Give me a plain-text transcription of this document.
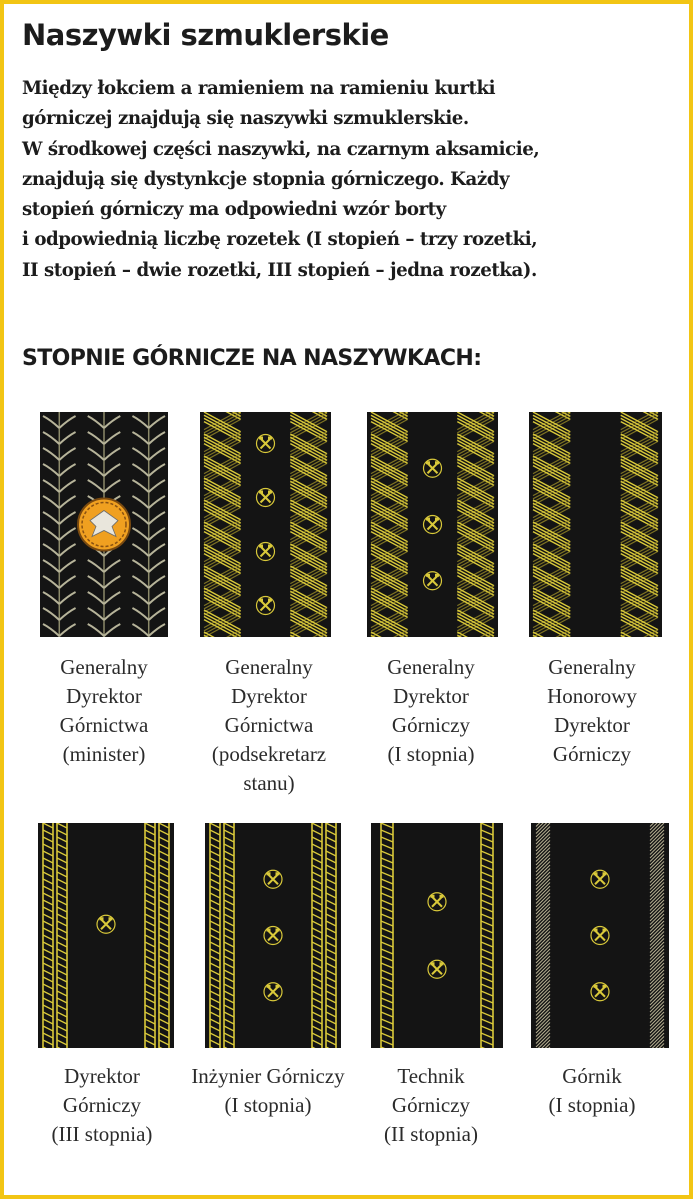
Naszywki szmuklerskie

Między łokciem a ramieniem na ramieniu kurtki
górniczej znajdują się naszywki szmuklerskie.
W środkowej części naszywki, na czarnym aksamicie,
znajdują się dystynkcje stopnia górniczego. Każdy
stopień górniczy ma odpowiedni wzór borty
i odpowiednią liczbę rozetek (I stopień – trzy rozetki,
II stopień – dwie rozetki, III stopień – jedna rozetka).

STOPNIE GÓRNICZE NA NASZYWKACH:
Generalny
Dyrektor
Górnictwa
(minister)
Generalny
Dyrektor
Górnictwa
(podsekretarz
stanu)
Generalny
Dyrektor
Górniczy
(I stopnia)
Generalny
Honorowy
Dyrektor
Górniczy
Dyrektor
Górniczy
(III stopnia)
Inżynier Górniczy
(I stopnia)
Technik
Górniczy
(II stopnia)
Górnik
(I stopnia)
